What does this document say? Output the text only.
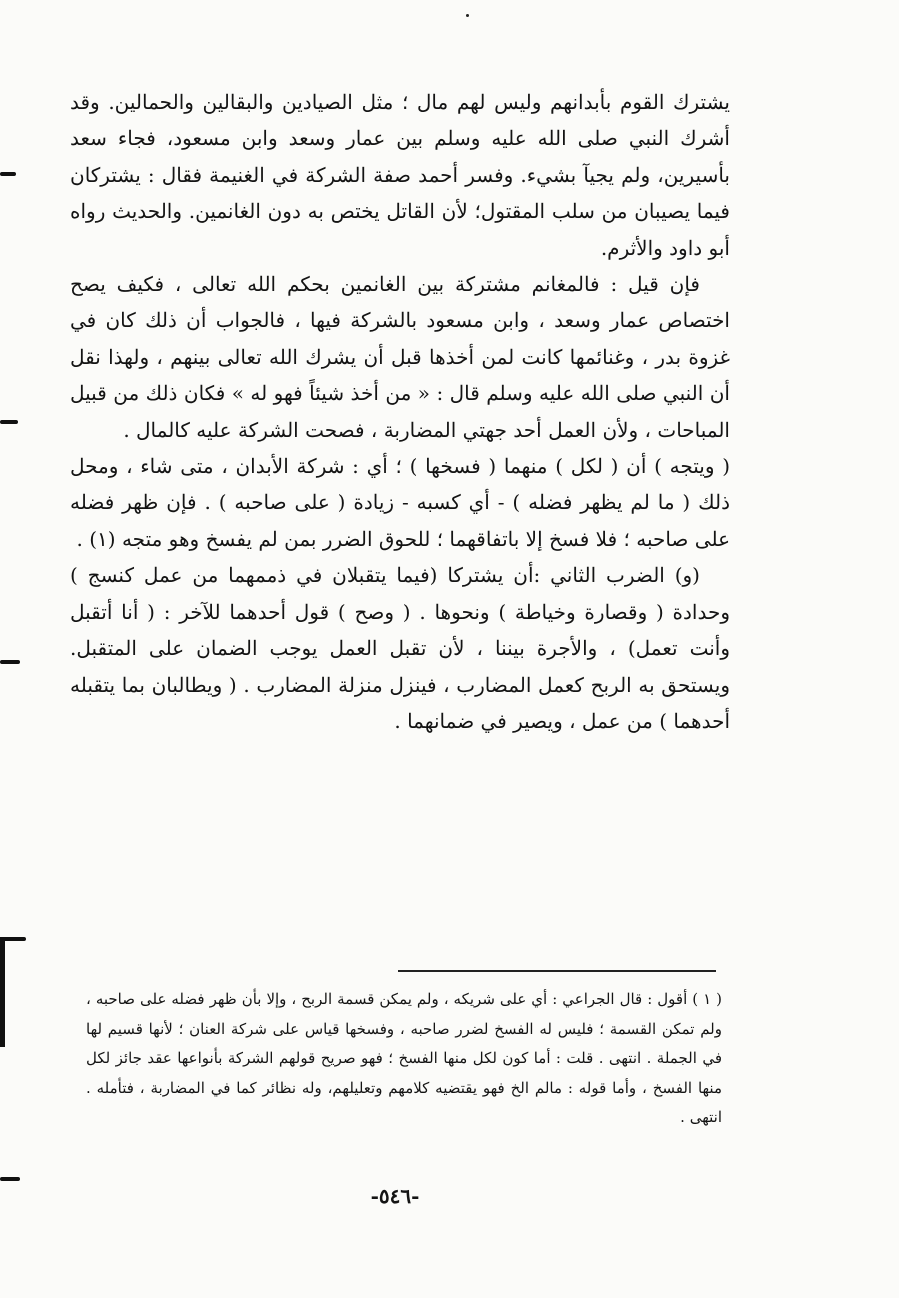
يشترك القوم بأبدانهم وليس لهم مال ؛ مثل الصيادين والبقالين والحمالين. وقد أشرك النبي صلى الله عليه وسلم بين عمار وسعد وابن مسعود، فجاء سعد بأسيرين، ولم يجيآ بشيء. وفسر أحمد صفة الشركة في الغنيمة فقال : يشتركان فيما يصيبان من سلب المقتول؛ لأن القاتل يختص به دون الغانمين. والحديث رواه أبو داود والأثرم.

فإن قيل : فالمغانم مشتركة بين الغانمين بحكم الله تعالى ، فكيف يصح اختصاص عمار وسعد ، وابن مسعود بالشركة فيها ، فالجواب أن ذلك كان في غزوة بدر ، وغنائمها كانت لمن أخذها قبل أن يشرك الله تعالى بينهم ، ولهذا نقل أن النبي صلى الله عليه وسلم قال : « من أخذ شيئاً فهو له » فكان ذلك من قبيل المباحات ، ولأن العمل أحد جهتي المضاربة ، فصحت الشركة عليه كالمال .

( ويتجه ) أن ( لكل ) منهما ( فسخها ) ؛ أي : شركة الأبدان ، متى شاء ، ومحل ذلك ( ما لم يظهر فضله ) - أي كسبه - زيادة ( على صاحبه ) . فإن ظهر فضله على صاحبه ؛ فلا فسخ إلا باتفاقهما ؛ للحوق الضرر بمن لم يفسخ وهو متجه (١) .

(و) الضرب الثاني :أن يشتركا (فيما يتقبلان في ذممهما من عمل كنسج ) وحدادة ( وقصارة وخياطة ) ونحوها . ( وصح ) قول أحدهما للآخر : ( أنا أتقبل وأنت تعمل) ، والأجرة بيننا ، لأن تقبل العمل يوجب الضمان على المتقبل. ويستحق به الربح كعمل المضارب ، فينزل منزلة المضارب . ( ويطالبان بما يتقبله أحدهما ) من عمل ، ويصير في ضمانهما .

( ١ ) أقول : قال الجراعي : أي على شريكه ، ولم يمكن قسمة الربح ، وإلا بأن ظهر فضله على صاحبه ، ولم تمكن القسمة ؛ فليس له الفسخ لضرر صاحبه ، وفسخها قياس على شركة العنان ؛ لأنها قسيم لها في الجملة . انتهى . قلت : أما كون لكل منها الفسخ ؛ فهو صريح قولهم الشركة بأنواعها عقد جائز لكل منها الفسخ ، وأما قوله : مالم الخ فهو يقتضيه كلامهم وتعليلهم، وله نظائر كما في المضاربة ، فتأمله . انتهى .

-٥٤٦-
